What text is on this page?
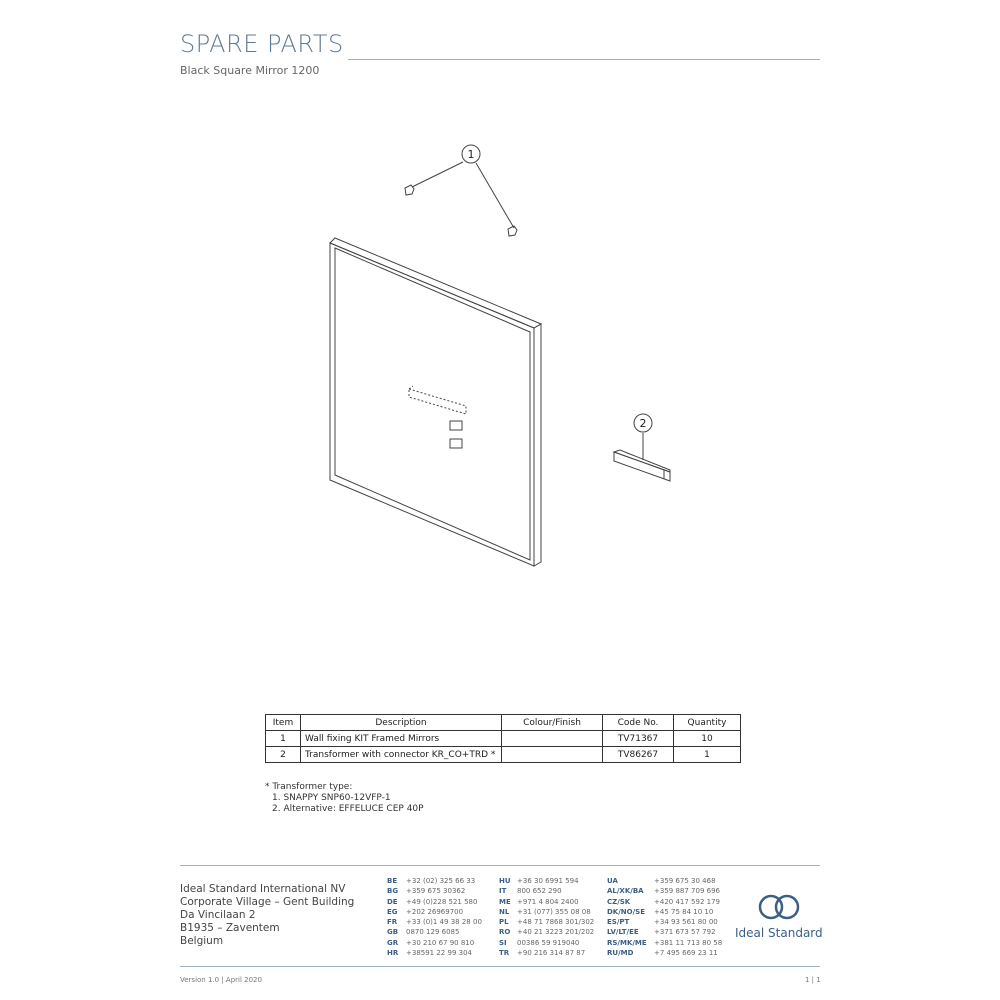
SPARE PARTS
Black Square Mirror 1200
1
2
Item	Description	Colour/Finish	Code No.	Quantity
1	Wall fixing KIT Framed Mirrors		TV71367	10
2	Transformer with connector KR_CO+TRD *		TV86267	1
* Transformer type:
1. SNAPPY SNP60-12VFP-1
2. Alternative: EFFELUCE CEP 40P
Ideal Standard International NV
Corporate Village – Gent Building
Da Vincilaan 2
B1935 – Zaventem
Belgium
BE	+32 (02) 325 66 33
BG	+359 675 30362
DE	+49 (0)228 521 580
EG	+202 26969700
FR	+33 (0)1 49 38 28 00
GB	0870 129 6085
GR	+30 210 67 90 810
HR	+38591 22 99 304
HU +36 30 6991 594
IT	800 652 290
ME +971 4 804 2400
NL	+31 (077) 355 08 08
PL	+48 71 7868 301/302
RO +40 21 3223 201/202
SI	00386 59 919040
TR	+90 216 314 87 87
UA	+359 675 30 468
AL/XK/BA	+359 887 709 696
CZ/SK	+420 417 592 179
DK/NO/SE	+45 75 84 10 10
ES/PT	+34 93 561 80 00
LV/LT/EE	+371 673 57 792
RS/MK/ME	+381 11 713 80 58
RU/MD	+7 495 669 23 11
Ideal Standard
Version 1.0 | April 2020	1 | 1
